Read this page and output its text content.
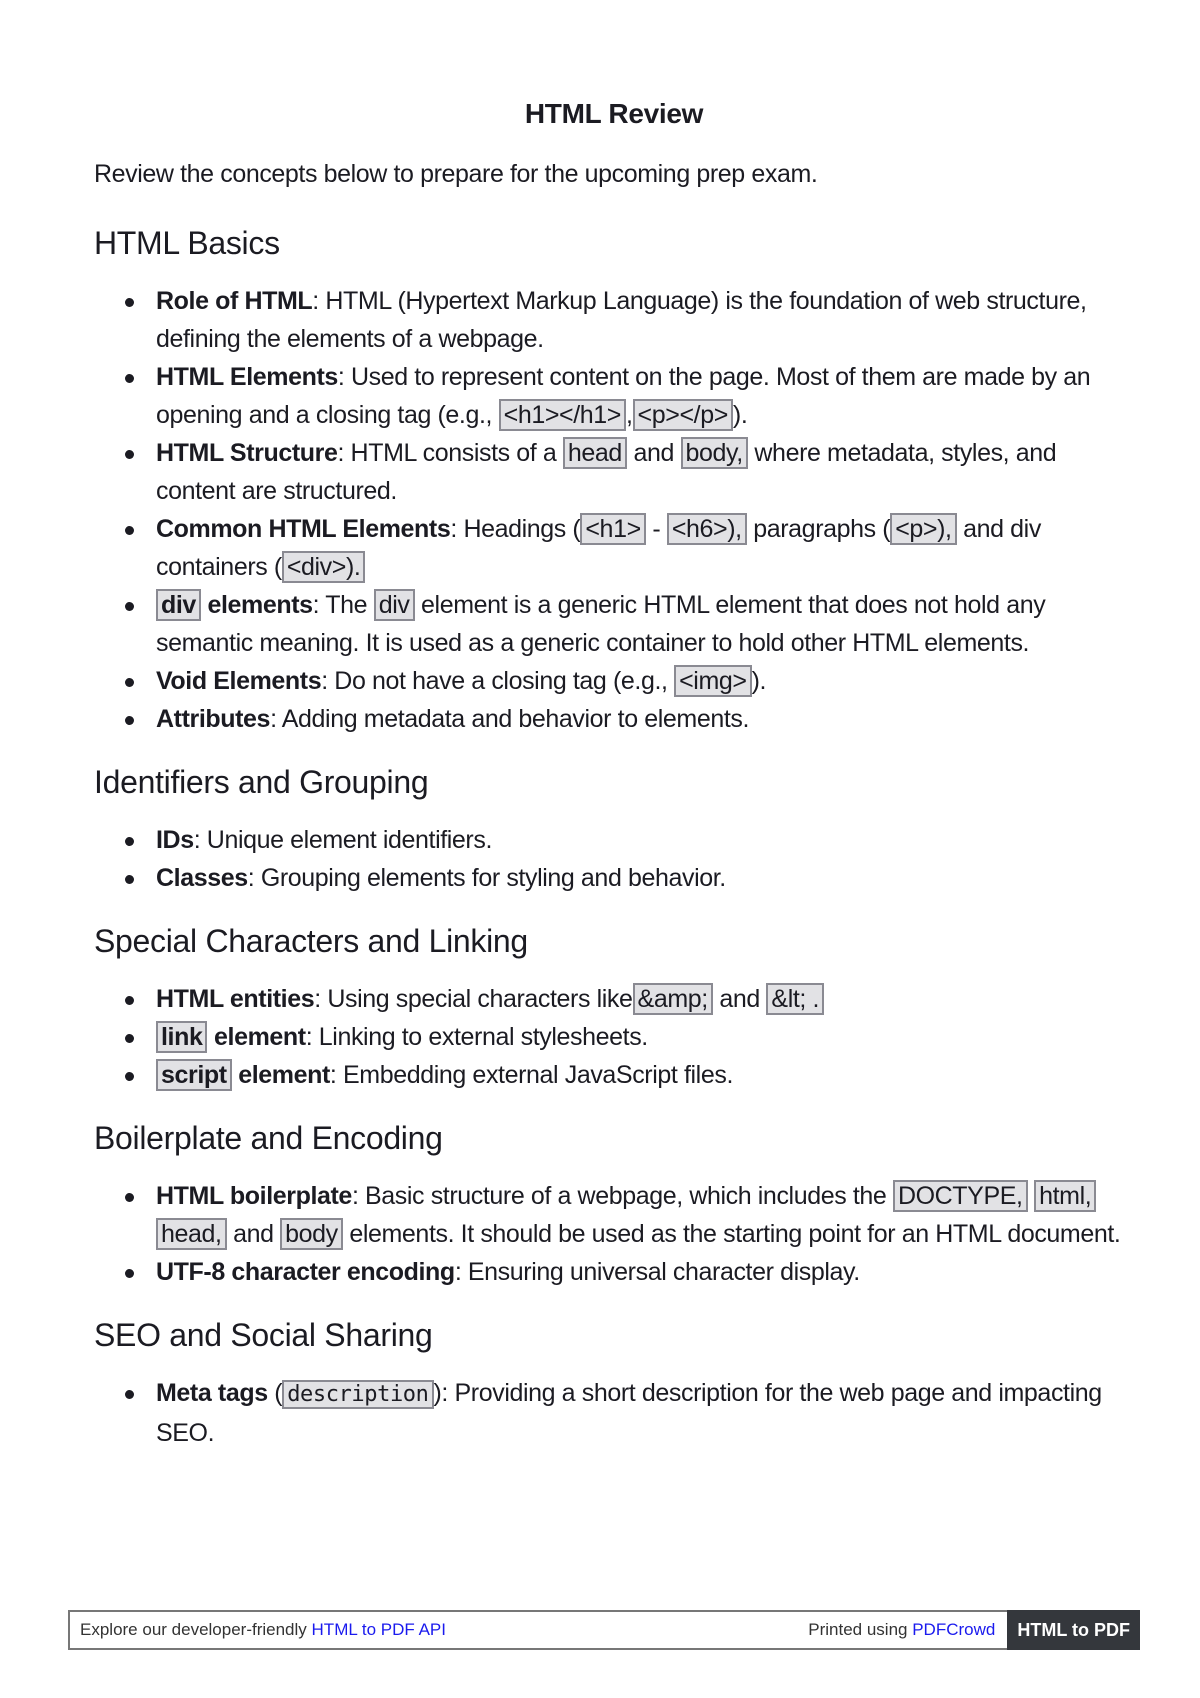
HTML Review

Review the concepts below to prepare for the upcoming prep exam.

HTML Basics
Role of HTML: HTML (Hypertext Markup Language) is the foundation of web structure, defining the elements of a webpage.
HTML Elements: Used to represent content on the page. Most of them are made by an opening and a closing tag (e.g., <h1></h1> , <p></p> ).
HTML Structure: HTML consists of a head and body, where metadata, styles, and content are structured.
Common HTML Elements: Headings ( <h1> - <h6>), paragraphs ( <p>), and div containers ( <div>).
div elements: The div element is a generic HTML element that does not hold any semantic meaning. It is used as a generic container to hold other HTML elements.
Void Elements: Do not have a closing tag (e.g., <img> ).
Attributes: Adding metadata and behavior to elements.
Identifiers and Grouping
IDs: Unique element identifiers.
Classes: Grouping elements for styling and behavior.
Special Characters and Linking
HTML entities: Using special characters like &amp; and &lt; .
link element: Linking to external stylesheets.
script element: Embedding external JavaScript files.
Boilerplate and Encoding
HTML boilerplate: Basic structure of a webpage, which includes the DOCTYPE, html, head, and body elements. It should be used as the starting point for an HTML document.
UTF-8 character encoding: Ensuring universal character display.
SEO and Social Sharing
Meta tags ( description ): Providing a short description for the web page and impacting SEO.
Explore our developer-friendly HTML to PDF API	Printed using PDFCrowd	HTML to PDF
